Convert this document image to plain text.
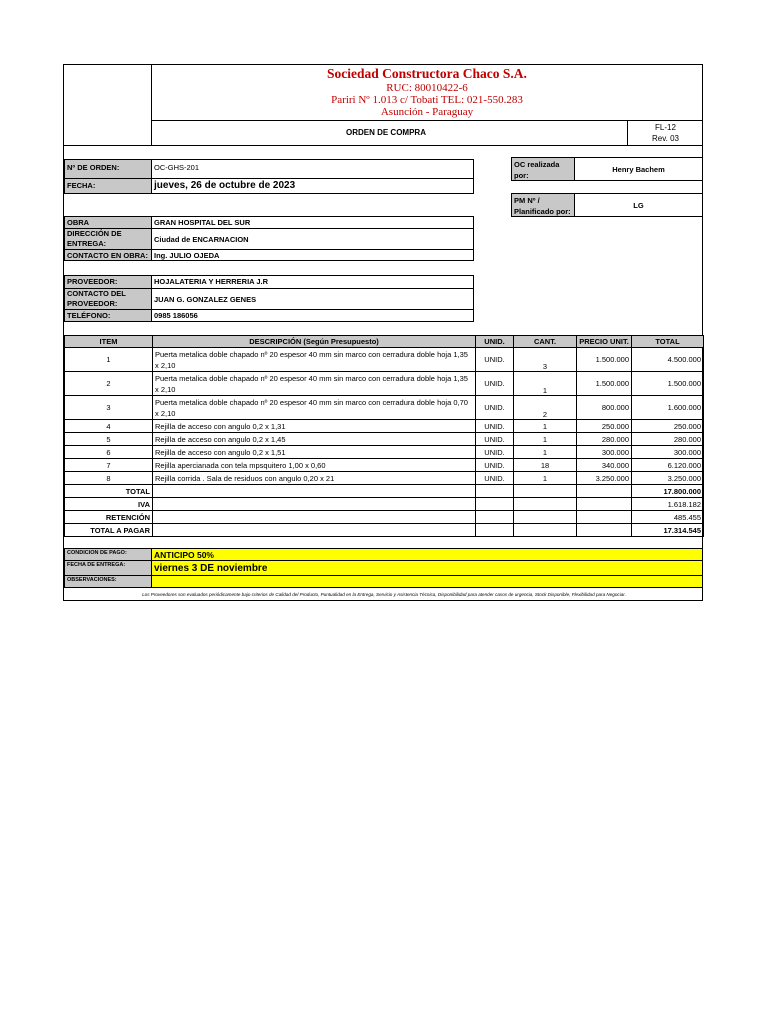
Sociedad Constructora Chaco S.A.
RUC: 80010422-6
Pariri Nº 1.013 c/ Tobati TEL: 021-550.283
Asunción - Paraguay
ORDEN DE COMPRA
FL-12
Rev. 03
Nº DE ORDEN:	OC-GHS-201
FECHA:	jueves, 26 de octubre de 2023
OC realizada por:
Henry Bachem
PM Nº / Planificado por:
LG
OBRA	GRAN HOSPITAL DEL SUR
DIRECCIÓN DE ENTREGA:	Ciudad de ENCARNACION
CONTACTO EN OBRA: Ing. JULIO OJEDA
PROVEEDOR:	HOJALATERIA Y HERRERIA J.R
CONTACTO DEL PROVEEDOR:	JUAN G. GONZALEZ GENES
TELÉFONO:	0985 186056
ITEM	DESCRIPCIÓN (Según Presupuesto)	UNID.	CANT.	PRECIO UNIT.	TOTAL
1	Puerta metalica doble chapado nº 20 espesor 40 mm sin marco con cerradura doble hoja 1,35 x 2,10	UNID.	3	1.500.000	4.500.000
2	Puerta metalica doble chapado nº 20 espesor 40 mm sin marco con cerradura doble hoja 1,35 x 2,10	UNID.	1	1.500.000	1.500.000
3	Puerta metalica doble chapado nº 20 espesor 40 mm sin marco con cerradura doble hoja 0,70 x 2,10	UNID.	2	800.000	1.600.000
4	Rejilla de acceso con angulo 0,2 x 1,31	UNID.	1	250.000	250.000
5	Rejilla de acceso con angulo 0,2 x 1,45	UNID.	1	280.000	280.000
6	Rejilla de acceso con angulo 0,2 x 1,51	UNID.	1	300.000	300.000
7	Rejilla apercianada con tela mpsquitero 1,00 x 0,60	UNID.	18	340.000	6.120.000
8	Rejilla corrida . Sala de residuos con angulo 0,20 x 21	UNID.	1	3.250.000	3.250.000
TOTAL					17.800.000
IVA					1.618.182
RETENCIÓN					485.455
TOTAL A PAGAR					17.314.545
CONDICION DE PAGO:	ANTICIPO 50%
FECHA DE ENTREGA:	viernes 3 DE noviembre
OBSERVACIONES:
Los Proveedores son evaluados periódicamente bajo criterios de Calidad del Producto, Puntualidad en la Entrega, Servicio y Asistencia Técnica, Disponibilidad para atender casos de urgencia, Stock Disponible, Flexibilidad para Negociar.
